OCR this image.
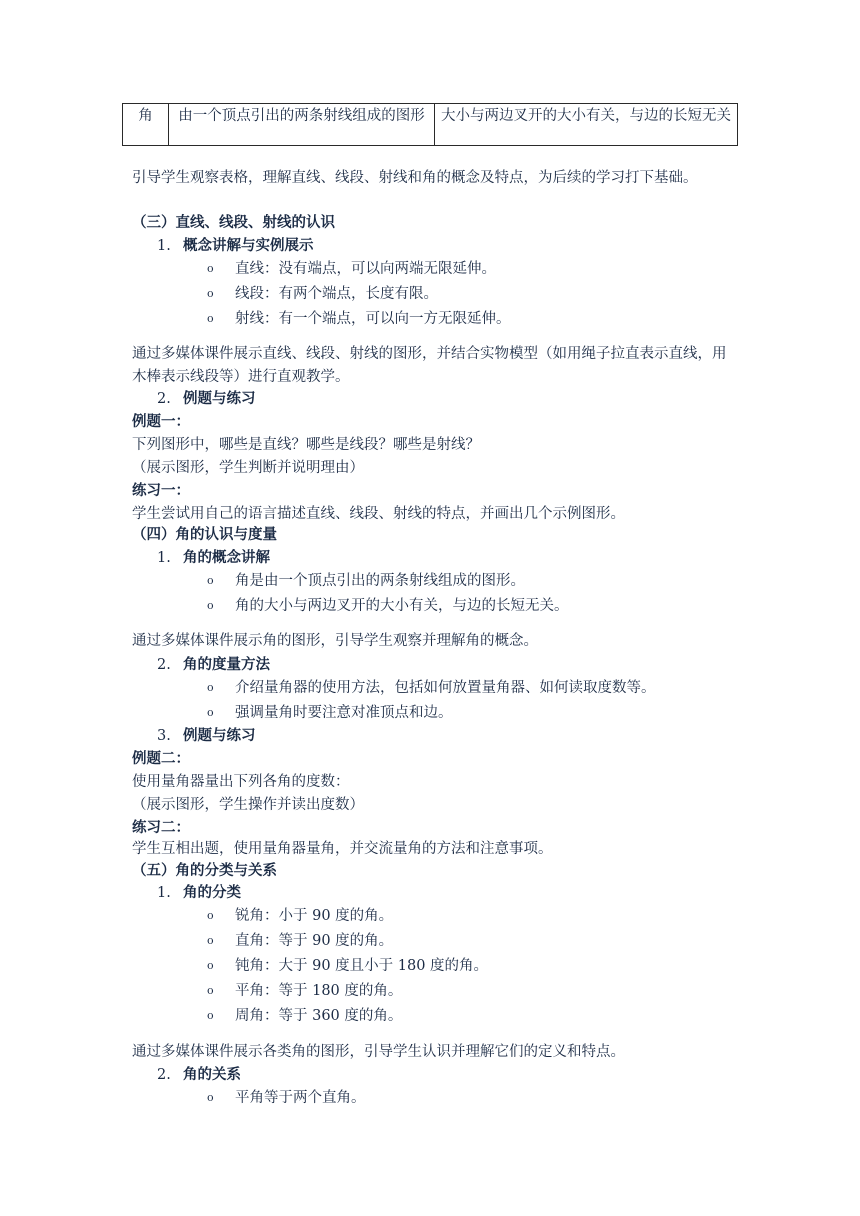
角	由一个顶点引出的两条射线组成的图形	大小与两边叉开的大小有关，与边的长短无关
引导学生观察表格，理解直线、线段、射线和角的概念及特点，为后续的学习打下基础。
（三）直线、线段、射线的认识
1. 概念讲解与实例展示
o 直线：没有端点，可以向两端无限延伸。
o 线段：有两个端点，长度有限。
o 射线：有一个端点，可以向一方无限延伸。
通过多媒体课件展示直线、线段、射线的图形，并结合实物模型（如用绳子拉直表示直线，用木棒表示线段等）进行直观教学。
2. 例题与练习
例题一：
下列图形中，哪些是直线？哪些是线段？哪些是射线？
（展示图形，学生判断并说明理由）
练习一：
学生尝试用自己的语言描述直线、线段、射线的特点，并画出几个示例图形。
（四）角的认识与度量
1. 角的概念讲解
o 角是由一个顶点引出的两条射线组成的图形。
o 角的大小与两边叉开的大小有关，与边的长短无关。
通过多媒体课件展示角的图形，引导学生观察并理解角的概念。
2. 角的度量方法
o 介绍量角器的使用方法，包括如何放置量角器、如何读取度数等。
o 强调量角时要注意对准顶点和边。
3. 例题与练习
例题二：
使用量角器量出下列各角的度数：
（展示图形，学生操作并读出度数）
练习二：
学生互相出题，使用量角器量角，并交流量角的方法和注意事项。
（五）角的分类与关系
1. 角的分类
o 锐角：小于 90 度的角。
o 直角：等于 90 度的角。
o 钝角：大于 90 度且小于 180 度的角。
o 平角：等于 180 度的角。
o 周角：等于 360 度的角。
通过多媒体课件展示各类角的图形，引导学生认识并理解它们的定义和特点。
2. 角的关系
o 平角等于两个直角。
